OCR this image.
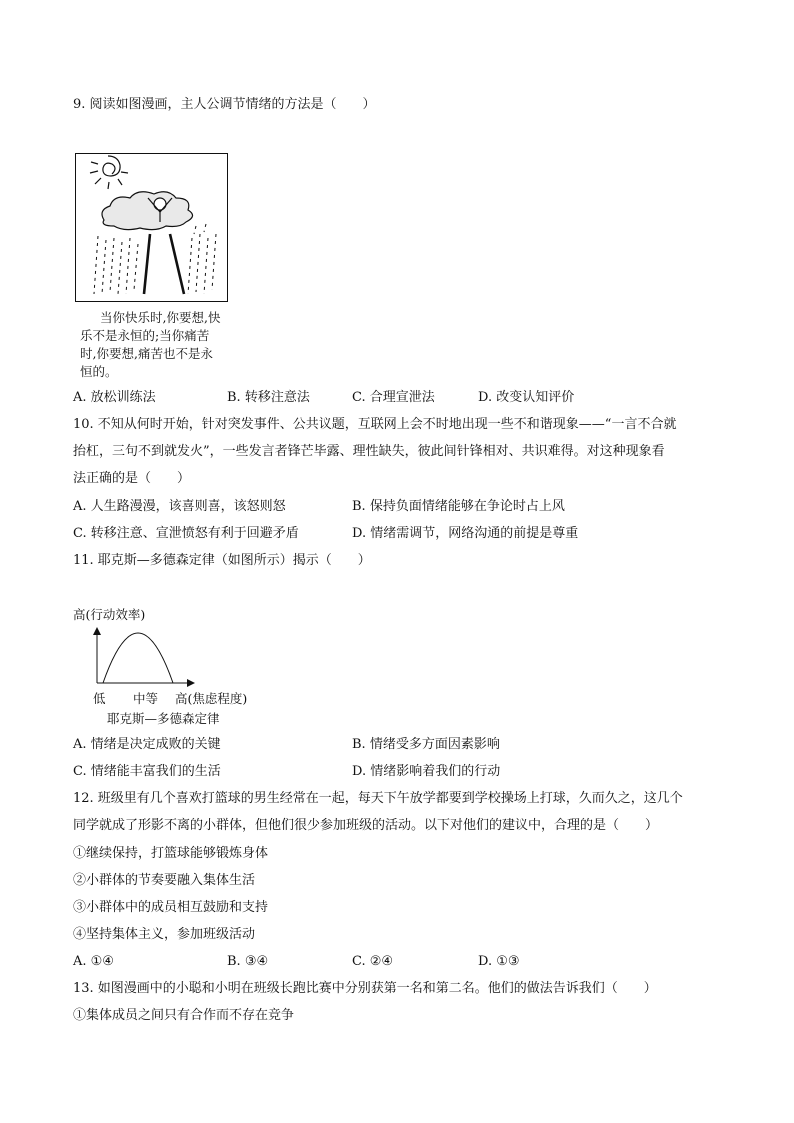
9. 阅读如图漫画，主人公调节情绪的方法是（　　）
当你快乐时,你要想,快
乐不是永恒的;当你痛苦
时,你要想,痛苦也不是永
恒的。
A. 放松训练法	B. 转移注意法	C. 合理宣泄法	D. 改变认知评价
10. 不知从何时开始，针对突发事件、公共议题，互联网上会不时地出现一些不和谐现象——“一言不合就
抬杠，三句不到就发火”，一些发言者锋芒毕露、理性缺失，彼此间针锋相对、共识难得。对这种现象看
法正确的是（　　）
A. 人生路漫漫，该喜则喜，该怒则怒	B. 保持负面情绪能够在争论时占上风
C. 转移注意、宣泄愤怒有利于回避矛盾	D. 情绪需调节，网络沟通的前提是尊重
11. 耶克斯—多德森定律（如图所示）揭示（　　）
高(行动效率)
低 中等 高(焦虑程度)
耶克斯—多德森定律
A. 情绪是决定成败的关键	B. 情绪受多方面因素影响
C. 情绪能丰富我们的生活	D. 情绪影响着我们的行动
12. 班级里有几个喜欢打篮球的男生经常在一起，每天下午放学都要到学校操场上打球，久而久之，这几个
同学就成了形影不离的小群体，但他们很少参加班级的活动。以下对他们的建议中，合理的是（　　）
①继续保持，打篮球能够锻炼身体
②小群体的节奏要融入集体生活
③小群体中的成员相互鼓励和支持
④坚持集体主义，参加班级活动
A. ①④	B. ③④	C. ②④	D. ①③
13. 如图漫画中的小聪和小明在班级长跑比赛中分别获第一名和第二名。他们的做法告诉我们（　　）
①集体成员之间只有合作而不存在竞争
